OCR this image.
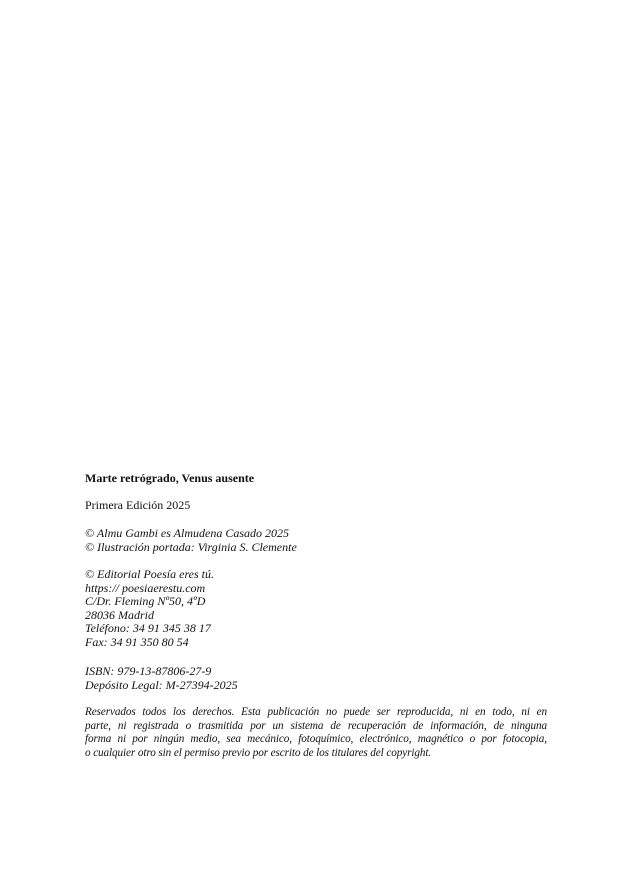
Marte retrógrado, Venus ausente
Primera Edición 2025
© Almu Gambi es Almudena Casado 2025
© Ilustración portada: Virginia S. Clemente
© Editorial Poesía eres tú.
https:// poesiaerestu.com
C/Dr. Fleming Nº50, 4ºD
28036 Madrid
Teléfono: 34 91 345 38 17
Fax: 34 91 350 80 54
ISBN: 979-13-87806-27-9
Depósito Legal: M-27394-2025
Reservados todos los derechos. Esta publicación no puede ser reproducida, ni en todo, ni en
parte, ni registrada o trasmitida por un sistema de recuperación de información, de ninguna
forma ni por ningún medio, sea mecánico, fotoquímico, electrónico, magnético o por fotocopia,
o cualquier otro sin el permiso previo por escrito de los titulares del copyright.
